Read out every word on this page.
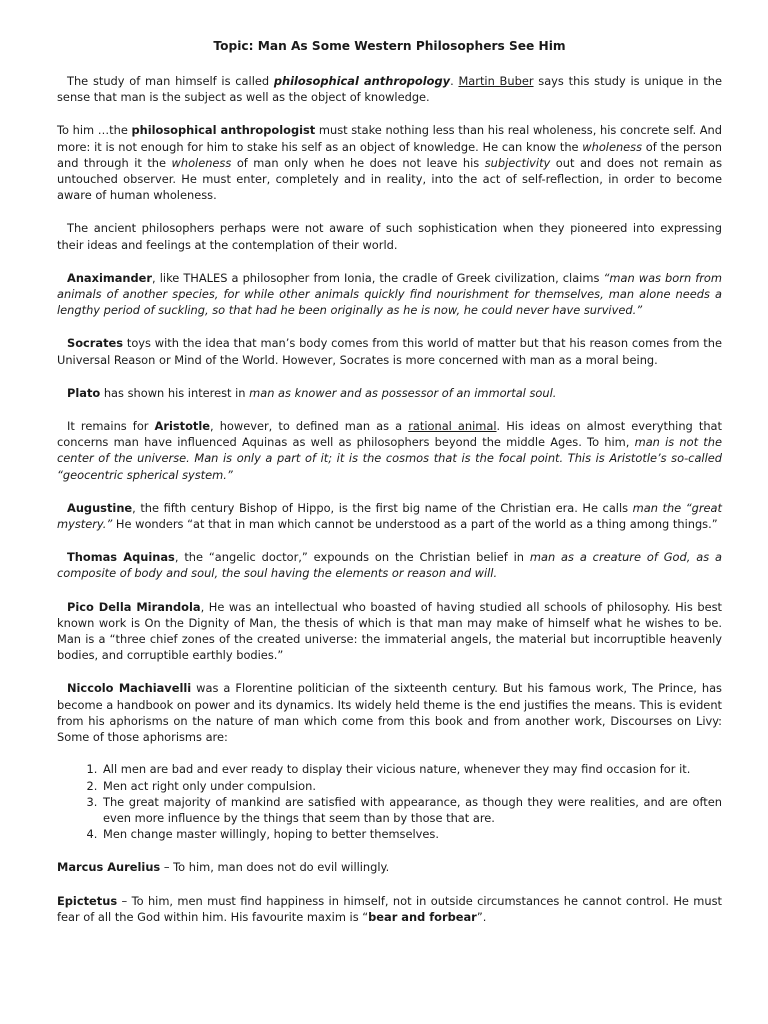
Topic: Man As Some Western Philosophers See Him

The study of man himself is called philosophical anthropology. Martin Buber says this study is unique in the sense that man is the subject as well as the object of knowledge.

To him …the philosophical anthropologist must stake nothing less than his real wholeness, his concrete self. And more: it is not enough for him to stake his self as an object of knowledge. He can know the wholeness of the person and through it the wholeness of man only when he does not leave his subjectivity out and does not remain as untouched observer. He must enter, completely and in reality, into the act of self-reflection, in order to become aware of human wholeness.

The ancient philosophers perhaps were not aware of such sophistication when they pioneered into expressing their ideas and feelings at the contemplation of their world.

Anaximander, like THALES a philosopher from Ionia, the cradle of Greek civilization, claims “man was born from animals of another species, for while other animals quickly find nourishment for themselves, man alone needs a lengthy period of suckling, so that had he been originally as he is now, he could never have survived.”

Socrates toys with the idea that man’s body comes from this world of matter but that his reason comes from the Universal Reason or Mind of the World. However, Socrates is more concerned with man as a moral being.

Plato has shown his interest in man as knower and as possessor of an immortal soul.

It remains for Aristotle, however, to defined man as a rational animal. His ideas on almost everything that concerns man have influenced Aquinas as well as philosophers beyond the middle Ages. To him, man is not the center of the universe. Man is only a part of it; it is the cosmos that is the focal point. This is Aristotle’s so-called “geocentric spherical system.”

Augustine, the fifth century Bishop of Hippo, is the first big name of the Christian era. He calls man the “great mystery.” He wonders “at that in man which cannot be understood as a part of the world as a thing among things.”

Thomas Aquinas, the “angelic doctor,” expounds on the Christian belief in man as a creature of God, as a composite of body and soul, the soul having the elements or reason and will.

Pico Della Mirandola, He was an intellectual who boasted of having studied all schools of philosophy. His best known work is On the Dignity of Man, the thesis of which is that man may make of himself what he wishes to be. Man is a “three chief zones of the created universe: the immaterial angels, the material but incorruptible heavenly bodies, and corruptible earthly bodies.”

Niccolo Machiavelli was a Florentine politician of the sixteenth century. But his famous work, The Prince, has become a handbook on power and its dynamics. Its widely held theme is the end justifies the means. This is evident from his aphorisms on the nature of man which come from this book and from another work, Discourses on Livy: Some of those aphorisms are:

1. All men are bad and ever ready to display their vicious nature, whenever they may find occasion for it.
2. Men act right only under compulsion.
3. The great majority of mankind are satisfied with appearance, as though they were realities, and are often even more influence by the things that seem than by those that are.
4. Men change master willingly, hoping to better themselves.

Marcus Aurelius – To him, man does not do evil willingly.

Epictetus – To him, men must find happiness in himself, not in outside circumstances he cannot control. He must fear of all the God within him. His favourite maxim is “bear and forbear”.
